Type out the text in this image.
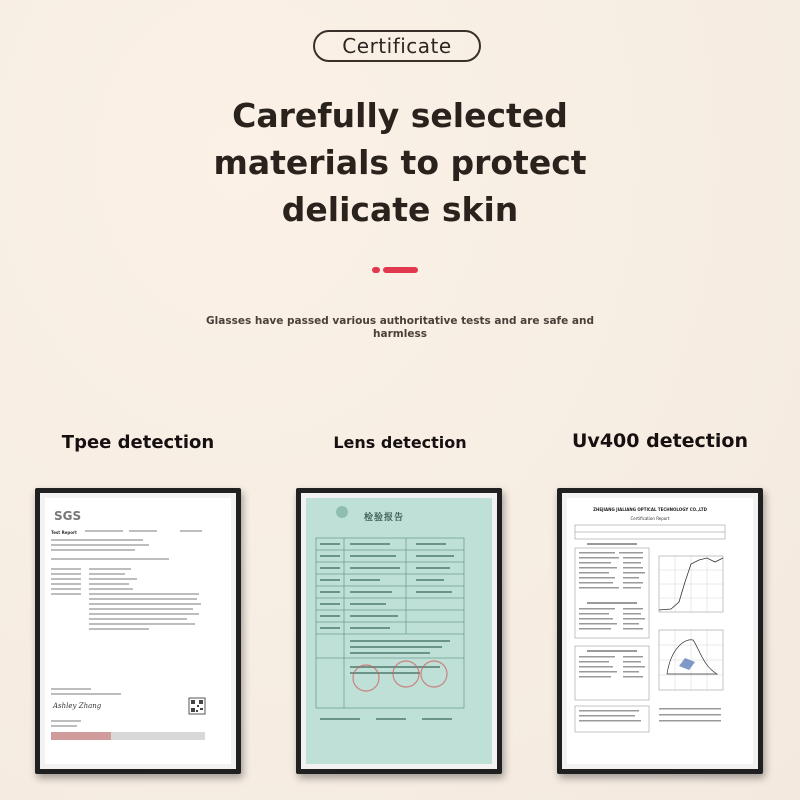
Certificate
Carefully selected
materials to protect
delicate skin
Glasses have passed various authoritative tests and are safe and
harmless
Tpee detection	Lens detection	Uv400 detection
SGS
Test Report
Ashley Zhang
检验报告
ZHEJIANG JIALIANG OPTICAL TECHNOLOGY CO.,LTD
Certification Report
